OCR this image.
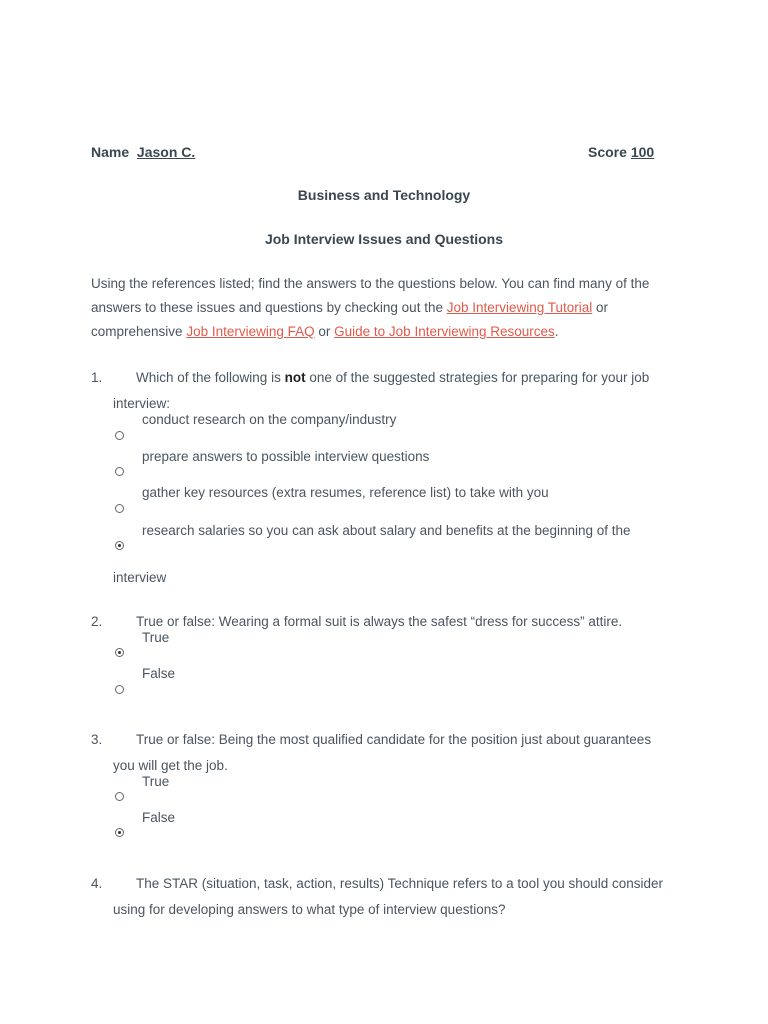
Name Jason C.	Score 100
Business and Technology
Job Interview Issues and Questions
Using the references listed; find the answers to the questions below. You can find many of the
answers to these issues and questions by checking out the Job Interviewing Tutorial or
comprehensive Job Interviewing FAQ or Guide to Job Interviewing Resources.
1. Which of the following is not one of the suggested strategies for preparing for your job
interview:
conduct research on the company/industry
prepare answers to possible interview questions
gather key resources (extra resumes, reference list) to take with you
research salaries so you can ask about salary and benefits at the beginning of the
interview
2. True or false: Wearing a formal suit is always the safest “dress for success” attire.
True
False
3. True or false: Being the most qualified candidate for the position just about guarantees
you will get the job.
True
False
4. The STAR (situation, task, action, results) Technique refers to a tool you should consider
using for developing answers to what type of interview questions?
